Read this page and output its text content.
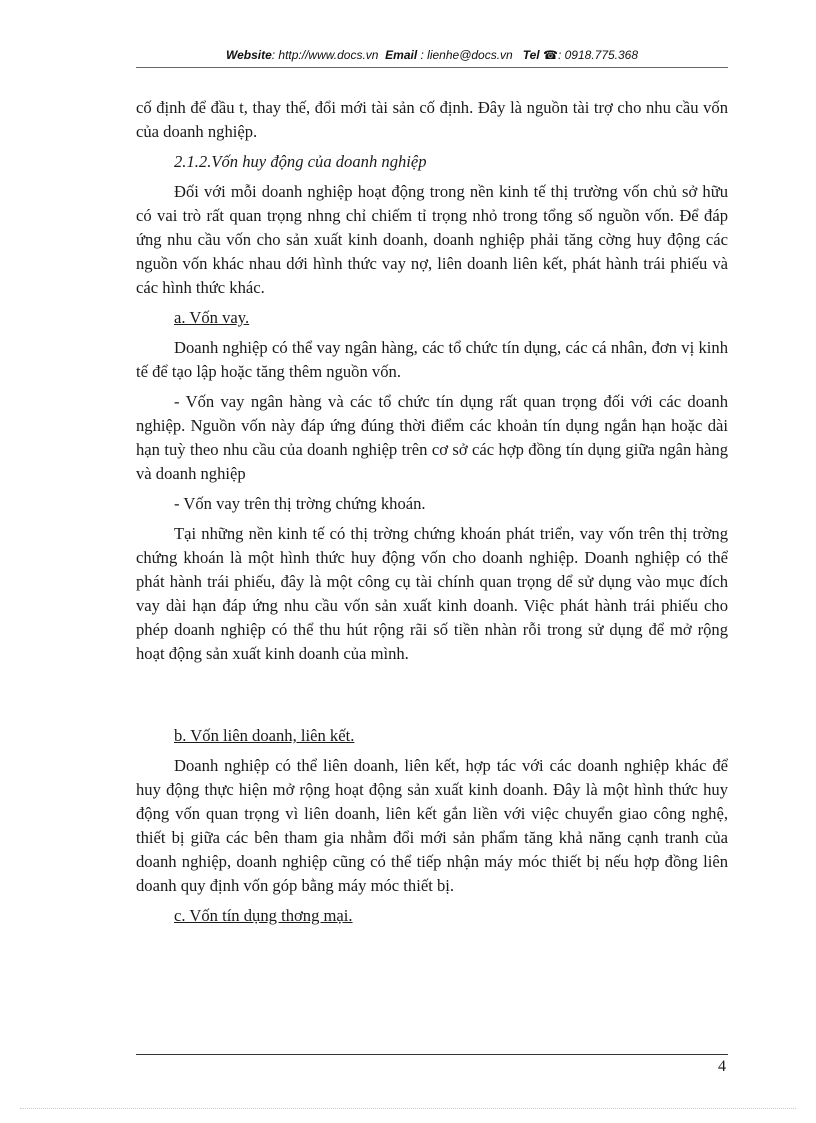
Website: http://www.docs.vn Email : lienhe@docs.vn Tel ☎: 0918.775.368

cố định để đầu t, thay thế, đổi mới tài sản cố định. Đây là nguồn tài trợ cho nhu cầu vốn của doanh nghiệp.

2.1.2.Vốn huy động của doanh nghiệp

Đối với mỗi doanh nghiệp hoạt động trong nền kinh tế thị trường vốn chủ sở hữu có vai trò rất quan trọng nhng chỉ chiếm tỉ trọng nhỏ trong tổng số nguồn vốn. Để đáp ứng nhu cầu vốn cho sản xuất kinh doanh, doanh nghiệp phải tăng cờng huy động các nguồn vốn khác nhau dới hình thức vay nợ, liên doanh liên kết, phát hành trái phiếu và các hình thức khác.

a. Vốn vay.

Doanh nghiệp có thể vay ngân hàng, các tổ chức tín dụng, các cá nhân, đơn vị kinh tế để tạo lập hoặc tăng thêm nguồn vốn.

- Vốn vay ngân hàng và các tổ chức tín dụng rất quan trọng đối với các doanh nghiệp. Nguồn vốn này đáp ứng đúng thời điểm các khoản tín dụng ngắn hạn hoặc dài hạn tuỳ theo nhu cầu của doanh nghiệp trên cơ sở các hợp đồng tín dụng giữa ngân hàng và doanh nghiệp

- Vốn vay trên thị trờng chứng khoán.

Tại những nền kinh tế có thị trờng chứng khoán phát triển, vay vốn trên thị trờng chứng khoán là một hình thức huy động vốn cho doanh nghiệp. Doanh nghiệp có thể phát hành trái phiếu, đây là một công cụ tài chính quan trọng dể sử dụng vào mục đích vay dài hạn đáp ứng nhu cầu vốn sản xuất kinh doanh. Việc phát hành trái phiếu cho phép doanh nghiệp có thể thu hút rộng rãi số tiền nhàn rỗi trong sử dụng để mở rộng hoạt động sản xuất kinh doanh của mình.

b. Vốn liên doanh, liên kết.

Doanh nghiệp có thể liên doanh, liên kết, hợp tác với các doanh nghiệp khác để huy động thực hiện mở rộng hoạt động sản xuất kinh doanh. Đây là một hình thức huy động vốn quan trọng vì liên doanh, liên kết gắn liền với việc chuyển giao công nghệ, thiết bị giữa các bên tham gia nhằm đổi mới sản phẩm tăng khả năng cạnh tranh của doanh nghiệp, doanh nghiệp cũng có thể tiếp nhận máy móc thiết bị nếu hợp đồng liên doanh quy định vốn góp bằng máy móc thiết bị.

c. Vốn tín dụng thơng mại.

4
